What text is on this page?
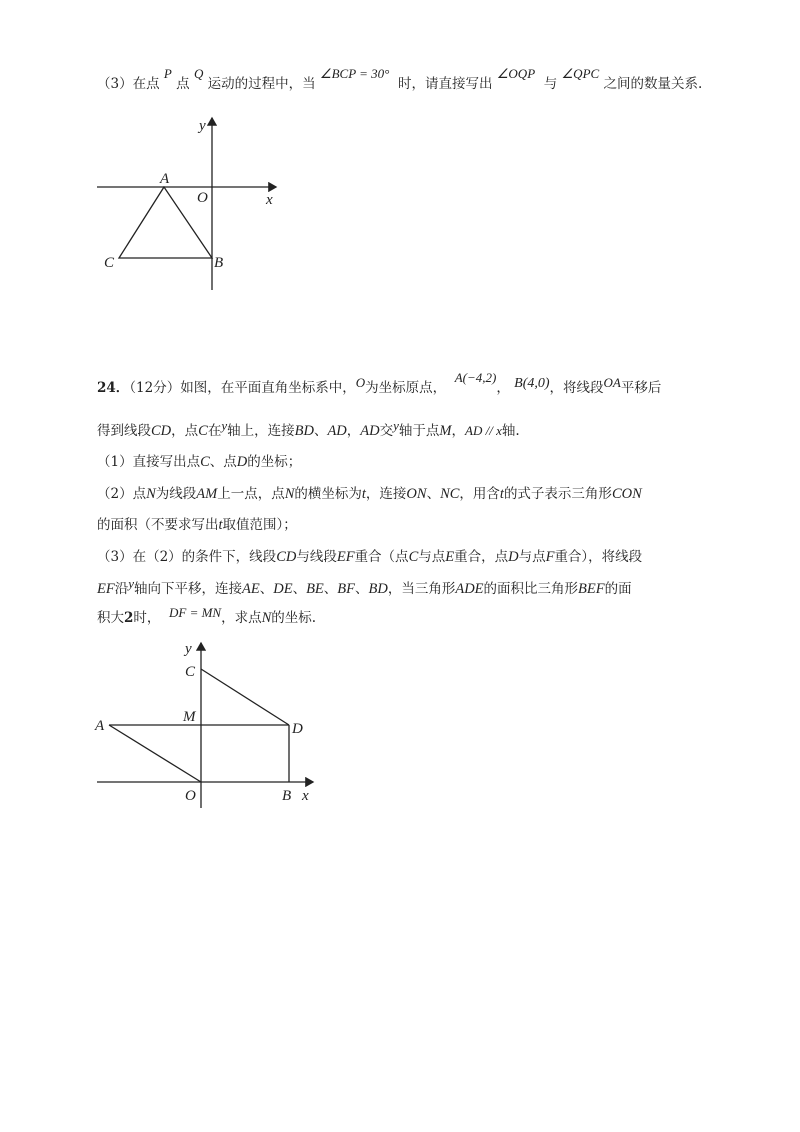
（3）在点 P 点 Q 运动的过程中，当 ∠BCP = 30°  时，请直接写出 ∠OQP  与 ∠QPC 之间的数量关系.
y
A
O	x
C	B
24．（12分）如图，在平面直角坐标系中，O为坐标原点，  A(−4,2)， B(4,0)，将线段OA平移后
得到线段CD，点C在y轴上，连接BD、AD，AD交y轴于点M，AD // x轴.
（1）直接写出点C、点D的坐标；
（2）点N为线段AM上一点，点N的横坐标为t，连接ON、NC，用含t的式子表示三角形CON
的面积（不要求写出t取值范围）；
（3）在（2）的条件下，线段CD与线段EF重合（点C与点E重合，点D与点F重合），将线段
EF沿y轴向下平移，连接AE、DE、BE、BF、BD，当三角形ADE的面积比三角形BEF的面
积大2时， DF = MN，求点N的坐标.
y
C
M
A	D
O	B x
